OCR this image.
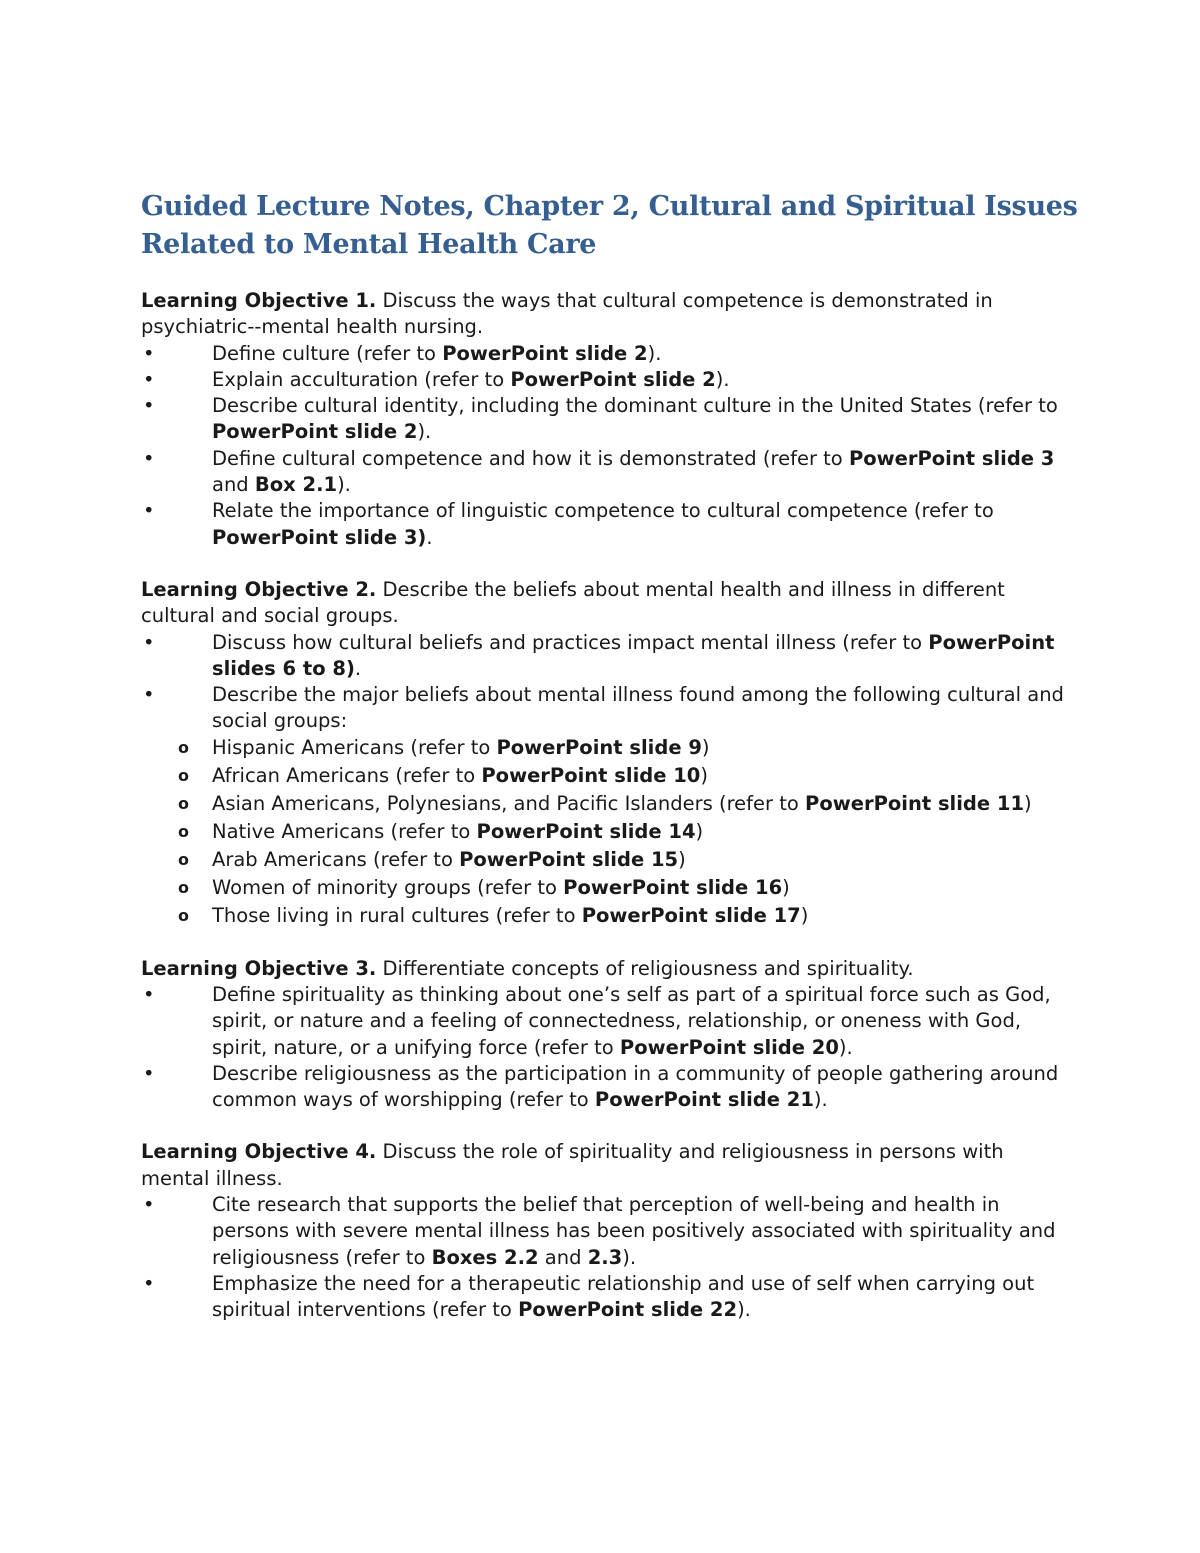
Guided Lecture Notes, Chapter 2, Cultural and Spiritual Issues
Related to Mental Health Care

Learning Objective 1. Discuss the ways that cultural competence is demonstrated in psychiatric--mental health nursing.

•	Define culture (refer to PowerPoint slide 2).
•	Explain acculturation (refer to PowerPoint slide 2).
•	Describe cultural identity, including the dominant culture in the United States (refer to PowerPoint slide 2).
•	Define cultural competence and how it is demonstrated (refer to PowerPoint slide 3 and Box 2.1).
•	Relate the importance of linguistic competence to cultural competence (refer to PowerPoint slide 3).

Learning Objective 2. Describe the beliefs about mental health and illness in different cultural and social groups.

•	Discuss how cultural beliefs and practices impact mental illness (refer to PowerPoint slides 6 to 8).
•	Describe the major beliefs about mental illness found among the following cultural and social groups:
o Hispanic Americans (refer to PowerPoint slide 9)
o African Americans (refer to PowerPoint slide 10)
o Asian Americans, Polynesians, and Pacific Islanders (refer to PowerPoint slide 11)
o Native Americans (refer to PowerPoint slide 14)
o Arab Americans (refer to PowerPoint slide 15)
o Women of minority groups (refer to PowerPoint slide 16)
o Those living in rural cultures (refer to PowerPoint slide 17)

Learning Objective 3. Differentiate concepts of religiousness and spirituality.

•	Define spirituality as thinking about one’s self as part of a spiritual force such as God, spirit, or nature and a feeling of connectedness, relationship, or oneness with God, spirit, nature, or a unifying force (refer to PowerPoint slide 20).
•	Describe religiousness as the participation in a community of people gathering around common ways of worshipping (refer to PowerPoint slide 21).

Learning Objective 4. Discuss the role of spirituality and religiousness in persons with mental illness.

•	Cite research that supports the belief that perception of well-being and health in persons with severe mental illness has been positively associated with spirituality and religiousness (refer to Boxes 2.2 and 2.3).
•	Emphasize the need for a therapeutic relationship and use of self when carrying out spiritual interventions (refer to PowerPoint slide 22).
